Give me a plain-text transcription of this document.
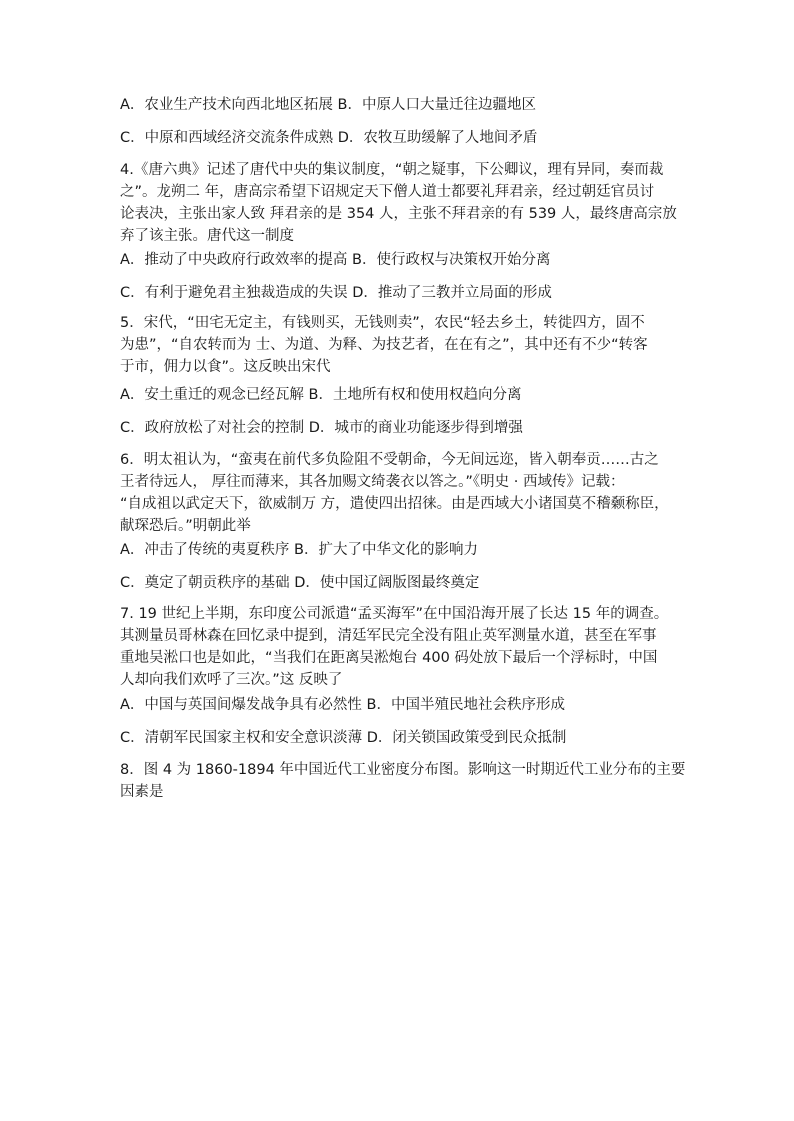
A．农业生产技术向西北地区拓展 B．中原人口大量迁往边疆地区
C．中原和西域经济交流条件成熟 D．农牧互助缓解了人地间矛盾
4.《唐六典》记述了唐代中央的集议制度，“朝之疑事，下公卿议，理有异同，奏而裁
之”。龙朔二 年，唐高宗希望下诏规定天下僧人道士都要礼拜君亲，经过朝廷官员讨
论表决，主张出家人致 拜君亲的是 354 人，主张不拜君亲的有 539 人，最终唐高宗放
弃了该主张。唐代这一制度
A．推动了中央政府行政效率的提高 B．使行政权与决策权开始分离
C．有利于避免君主独裁造成的失误 D．推动了三教并立局面的形成
5．宋代，“田宅无定主，有钱则买，无钱则卖”，农民“轻去乡土，转徙四方，固不
为患”，“自农转而为 士、为道、为释、为技艺者，在在有之”，其中还有不少“转客
于市，佣力以食”。这反映出宋代
A．安土重迁的观念已经瓦解 B．土地所有权和使用权趋向分离
C．政府放松了对社会的控制 D．城市的商业功能逐步得到增强
6．明太祖认为，“蛮夷在前代多负险阻不受朝命，今无间远迩，皆入朝奉贡……古之
王者待远人， 厚往而薄来，其各加赐文绮袭衣以答之。”《明史 · 西域传》记载：
“自成祖以武定天下，欲威制万 方，遣使四出招徕。由是西域大小诸国莫不稽颡称臣，
献琛恐后。”明朝此举
A．冲击了传统的夷夏秩序 B．扩大了中华文化的影响力
C．奠定了朝贡秩序的基础 D．使中国辽阔版图最终奠定
7. 19 世纪上半期，东印度公司派遣“孟买海军”在中国沿海开展了长达 15 年的调查。
其测量员哥林森在回忆录中提到，清廷军民完全没有阻止英军测量水道，甚至在军事
重地吴淞口也是如此，“当我们在距离吴淞炮台 400 码处放下最后一个浮标时，中国
人却向我们欢呼了三次。”这 反映了
A．中国与英国间爆发战争具有必然性 B．中国半殖民地社会秩序形成
C．清朝军民国家主权和安全意识淡薄 D．闭关锁国政策受到民众抵制
8．图 4 为 1860-1894 年中国近代工业密度分布图。影响这一时期近代工业分布的主要
因素是
